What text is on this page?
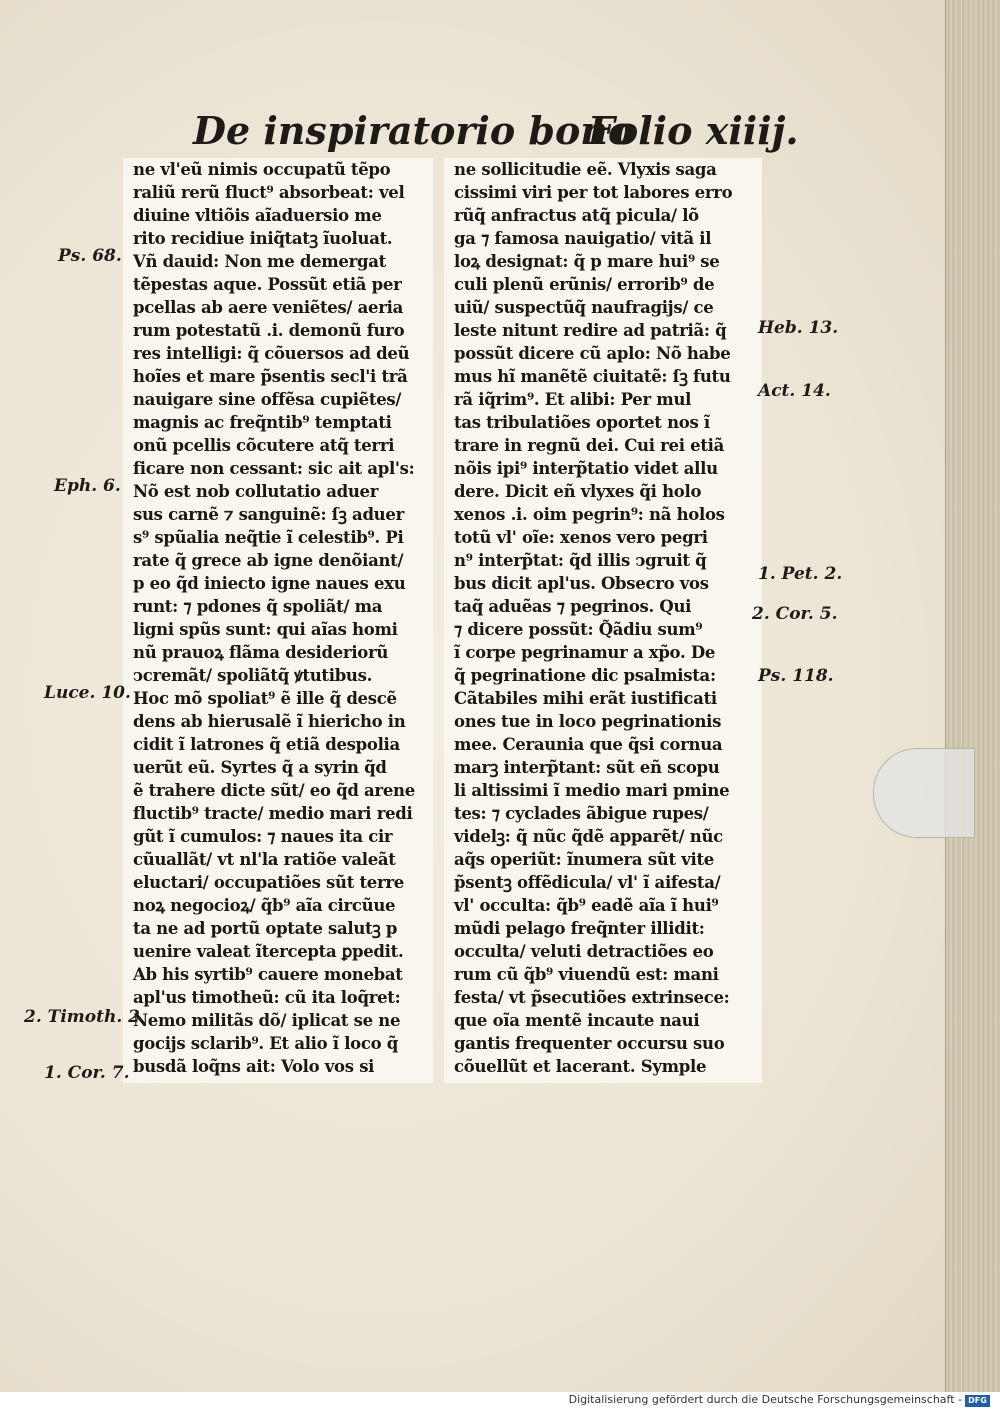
De inspiratorio bono
Folio xiiij.
ne vl'eũ nimis occupatũ tẽpo
raliũ rerũ fluct⁹ absorbeat: vel
diuine vltiõis aĩaduersio me
rito recidiue iniq̃tatꝫ ĩuoluat.
Vñ dauid: Non me demergat
tẽpestas aque. Possũt etiã per
pcellas ab aere veniẽtes/ aeria
rum potestatũ .i. demonũ furo
res intelligi: q̃ cõuersos ad deũ
hoĩes et mare p̃sentis secl'i trã
nauigare sine offẽsa cupiẽtes/
magnis ac freq̃ntib⁹ temptati
onũ pcellis cõcutere atq̃ terri
ficare non cessant: sic ait apl's:
Nõ est nob collutatio aduer
sus carnẽ ⁊ sanguinẽ: ſꝫ aduer
s⁹ spũalia neq̃tie ĩ celestib⁹. Pi
rate q̃ grece ab igne denõiant/
p eo q̃d iniecto igne naues exu
runt: ⁊ pdones q̃ spoliãt/ ma
ligni spũs sunt: qui aĩas homi
nũ prauoꝝ flãma desideriorũ
ↄcremãt/ spoliãtq̃ ꝟtutibus.
Hoc mõ spoliat⁹ ẽ ille q̃ descẽ
dens ab hierusalẽ ĩ hiericho in
cidit ĩ latrones q̃ etiã despolia
uerũt eũ. Syrtes q̃ a syrin q̃d
ẽ trahere dicte sũt/ eo q̃d arene
fluctib⁹ tracte/ medio mari redi
gũt ĩ cumulos: ⁊ naues ita cir
cũuallãt/ vt nl'la ratiõe valeãt
eluctari/ occupatiões sũt terre
noꝝ negocioꝝ/ q̃b⁹ aĩa circũue
ta ne ad portũ optate salutꝫ p
uenire valeat ĩtercepta ꝑpedit.
Ab his syrtib⁹ cauere monebat
apl'us timotheũ: cũ ita loq̃ret:
Nemo militãs dõ/ iplicat se ne
gocijs sclarib⁹. Et alio ĩ loco q̃
busdã loq̃ns ait: Volo vos si
ne sollicitudie eẽ. Vlyxis saga
cissimi viri per tot labores erro
rũq̃ anfractus atq̃ picula/ lõ
ga ⁊ famosa nauigatio/ vitã il
loꝝ designat: q̃ p mare hui⁹ se
culi plenũ erũnis/ errorib⁹ de
uiũ/ suspectũq̃ naufragijs/ ce
leste nitunt redire ad patriã: q̃
possũt dicere cũ aplo: Nõ habe
mus hĩ manẽtẽ ciuitatẽ: ſꝫ futu
rã iq̃rim⁹. Et alibi: Per mul
tas tribulatiões oportet nos ĩ
trare in regnũ dei. Cui rei etiã
nõis ipi⁹ interp̃tatio videt allu
dere. Dicit eñ vlyxes q̃i holo
xenos .i. oim pegrin⁹: nã holos
totũ vl' oĩe: xenos vero pegri
n⁹ interp̃tat: q̃d illis ↄgruit q̃
bus dicit apl'us. Obsecro vos
taq̃ aduẽas ⁊ pegrinos. Qui
⁊ dicere possũt: Q̃ãdiu sum⁹
ĩ corpe pegrinamur a xp̃o. De
q̃ pegrinatione dic psalmista:
Cãtabiles mihi erãt iustificati
ones tue in loco pegrinationis
mee. Ceraunia que q̃si cornua
marꝫ interp̃tant: sũt eñ scopu
li altissimi ĩ medio mari pmine
tes: ⁊ cyclades ãbigue rupes/
videlꝫ: q̃ nũc q̃dẽ apparẽt/ nũc
aq̃s operiũt: ĩnumera sũt vite
p̃sentꝫ offẽdicula/ vl' ĩ aifesta/
vl' occulta: q̃b⁹ eadẽ aĩa ĩ hui⁹
mũdi pelago freq̃nter illidit:
occulta/ veluti detractiões eo
rum cũ q̃b⁹ viuendũ est: mani
festa/ vt p̃secutiões extrinsece:
que oĩa mentẽ incaute naui
gantis frequenter occursu suo
cõuellũt et lacerant. Symple
Ps. 68.
Eph. 6.
Luce. 10.
2. Timoth. 2
1. Cor. 7.
Heb. 13.
Act. 14.
1. Pet. 2.
2. Cor. 5.
Ps. 118.
Digitalisierung gefördert durch die Deutsche Forschungsgemeinschaft - DFG
